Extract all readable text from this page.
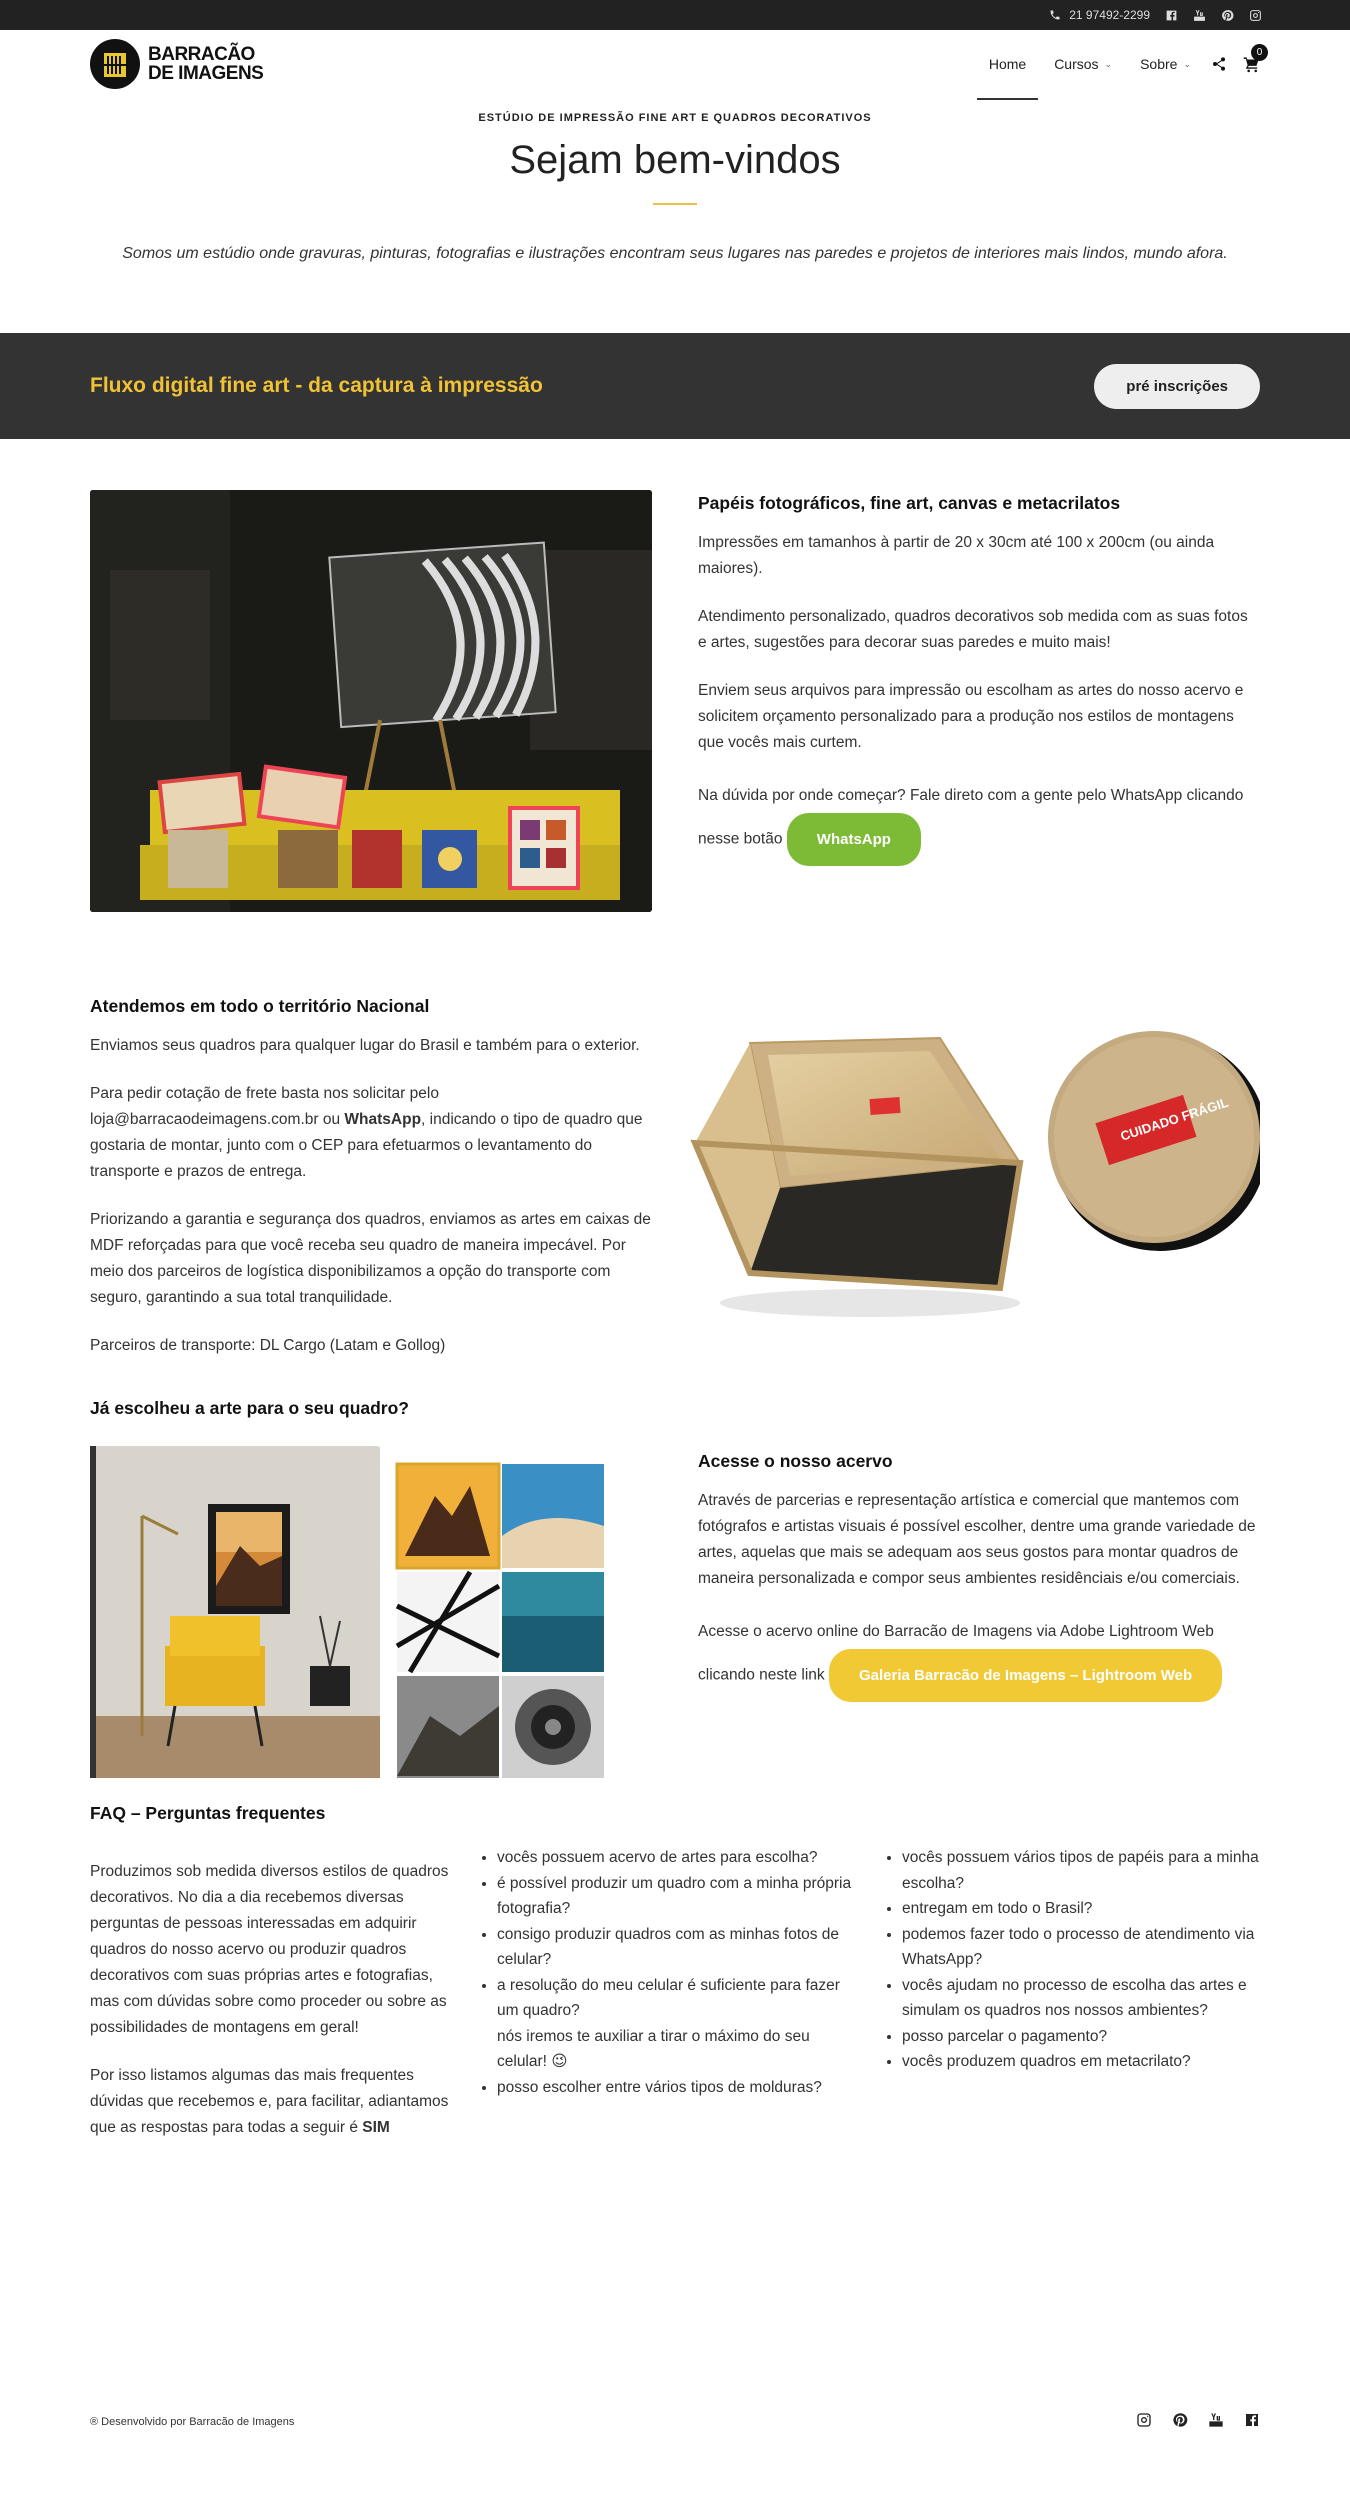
21 97492-2299
BARRACÃO
DE IMAGENS	Home Cursos ⌄ Sobre ⌄
0
ESTÚDIO DE IMPRESSÃO FINE ART E QUADROS DECORATIVOS
Sejam bem-vindos
Somos um estúdio onde gravuras, pinturas, fotografias e ilustrações encontram seus lugares nas paredes e projetos de interiores mais lindos, mundo afora.
Fluxo digital fine art - da captura à impressão	pré inscrições
Papéis fotográficos, fine art, canvas e metacrilatos

Impressões em tamanhos à partir de 20 x 30cm até 100 x 200cm (ou ainda maiores).

Atendimento personalizado, quadros decorativos sob medida com as suas fotos e artes, sugestões para decorar suas paredes e muito mais!

Enviem seus arquivos para impressão ou escolham as artes do nosso acervo e solicitem orçamento personalizado para a produção nos estilos de montagens que vocês mais curtem.

Na dúvida por onde começar? Fale direto com a gente pelo WhatsApp clicando nesse botão WhatsApp

Atendemos em todo o território Nacional

Enviamos seus quadros para qualquer lugar do Brasil e também para o exterior.

Para pedir cotação de frete basta nos solicitar pelo loja@barracaodeimagens.com.br ou WhatsApp, indicando o tipo de quadro que gostaria de montar, junto com o CEP para efetuarmos o levantamento do transporte e prazos de entrega.

Priorizando a garantia e segurança dos quadros, enviamos as artes em caixas de MDF reforçadas para que você receba seu quadro de maneira impecável. Por meio dos parceiros de logística disponibilizamos a opção do transporte com seguro, garantindo a sua total tranquilidade.

Parceiros de transporte: DL Cargo (Latam e Gollog)

CUIDADO FRÁGIL
Já escolheu a arte para o seu quadro?
Acesse o nosso acervo

Através de parcerias e representação artística e comercial que mantemos com fotógrafos e artistas visuais é possível escolher, dentre uma grande variedade de artes, aquelas que mais se adequam aos seus gostos para montar quadros de maneira personalizada e compor seus ambientes residênciais e/ou comerciais.

Acesse o acervo online do Barracão de Imagens via Adobe Lightroom Web clicando neste link Galeria Barracão de Imagens – Lightroom Web

FAQ – Perguntas frequentes

Produzimos sob medida diversos estilos de quadros decorativos. No dia a dia recebemos diversas perguntas de pessoas interessadas em adquirir quadros do nosso acervo ou produzir quadros decorativos com suas próprias artes e fotografias, mas com dúvidas sobre como proceder ou sobre as possibilidades de montagens em geral!

Por isso listamos algumas das mais frequentes dúvidas que recebemos e, para facilitar, adiantamos que as respostas para todas a seguir é SIM

• vocês possuem acervo de artes para escolha?
• é possível produzir um quadro com a minha própria fotografia?
• consigo produzir quadros com as minhas fotos de celular?
• a resolução do meu celular é suficiente para fazer um quadro?
nós iremos te auxiliar a tirar o máximo do seu celular! 😉
• posso escolher entre vários tipos de molduras?
• vocês possuem vários tipos de papéis para a minha escolha?
• entregam em todo o Brasil?
• podemos fazer todo o processo de atendimento via WhatsApp?
• vocês ajudam no processo de escolha das artes e simulam os quadros nos nossos ambientes?
• posso parcelar o pagamento?
• vocês produzem quadros em metacrilato?
® Desenvolvido por Barracão de Imagens
